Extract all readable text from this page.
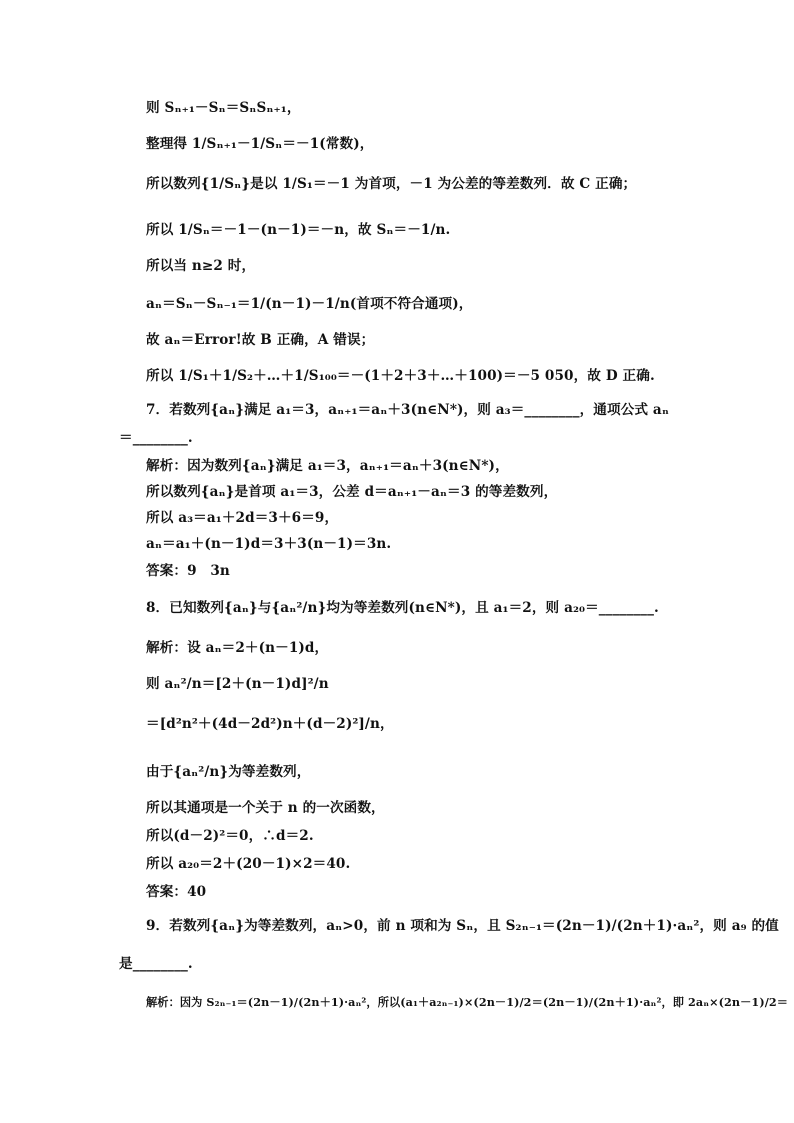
则 Sₙ₊₁－Sₙ＝SₙSₙ₊₁，
整理得 1/Sₙ₊₁－1/Sₙ＝－1(常数)，
所以数列{1/Sₙ}是以 1/S₁＝－1 为首项，－1 为公差的等差数列．故 C 正确；
所以 1/Sₙ＝－1－(n－1)＝－n，故 Sₙ＝－1/n.
所以当 n≥2 时，
aₙ＝Sₙ－Sₙ₋₁＝1/(n－1)－1/n(首项不符合通项)，
故 aₙ＝Error!故 B 正确，A 错误；
所以 1/S₁＋1/S₂＋…＋1/S₁₀₀＝－(1＋2＋3＋…＋100)＝－5 050，故 D 正确.
7．若数列{aₙ}满足 a₁＝3，aₙ₊₁＝aₙ＋3(n∈N*)，则 a₃＝________，通项公式 aₙ
＝________.
解析：因为数列{aₙ}满足 a₁＝3，aₙ₊₁＝aₙ＋3(n∈N*)，
所以数列{aₙ}是首项 a₁＝3，公差 d＝aₙ₊₁－aₙ＝3 的等差数列，
所以 a₃＝a₁＋2d＝3＋6＝9，
aₙ＝a₁＋(n－1)d＝3＋3(n－1)＝3n.
答案：9　3n
8．已知数列{aₙ}与{aₙ²/n}均为等差数列(n∈N*)，且 a₁＝2，则 a₂₀＝________.
解析：设 aₙ＝2＋(n－1)d，
则 aₙ²/n＝[2＋(n－1)d]²/n
＝[d²n²＋(4d－2d²)n＋(d－2)²]/n，
由于{aₙ²/n}为等差数列，
所以其通项是一个关于 n 的一次函数，
所以(d－2)²＝0，∴d＝2.
所以 a₂₀＝2＋(20－1)×2＝40.
答案：40
9．若数列{aₙ}为等差数列，aₙ>0，前 n 项和为 Sₙ，且 S₂ₙ₋₁＝(2n－1)/(2n＋1)·aₙ²，则 a₉ 的值
是________.
解析：因为 S₂ₙ₋₁＝(2n－1)/(2n＋1)·aₙ²，所以(a₁＋a₂ₙ₋₁)×(2n－1)/2＝(2n－1)/(2n＋1)·aₙ²，即 2aₙ×(2n－1)/2＝
